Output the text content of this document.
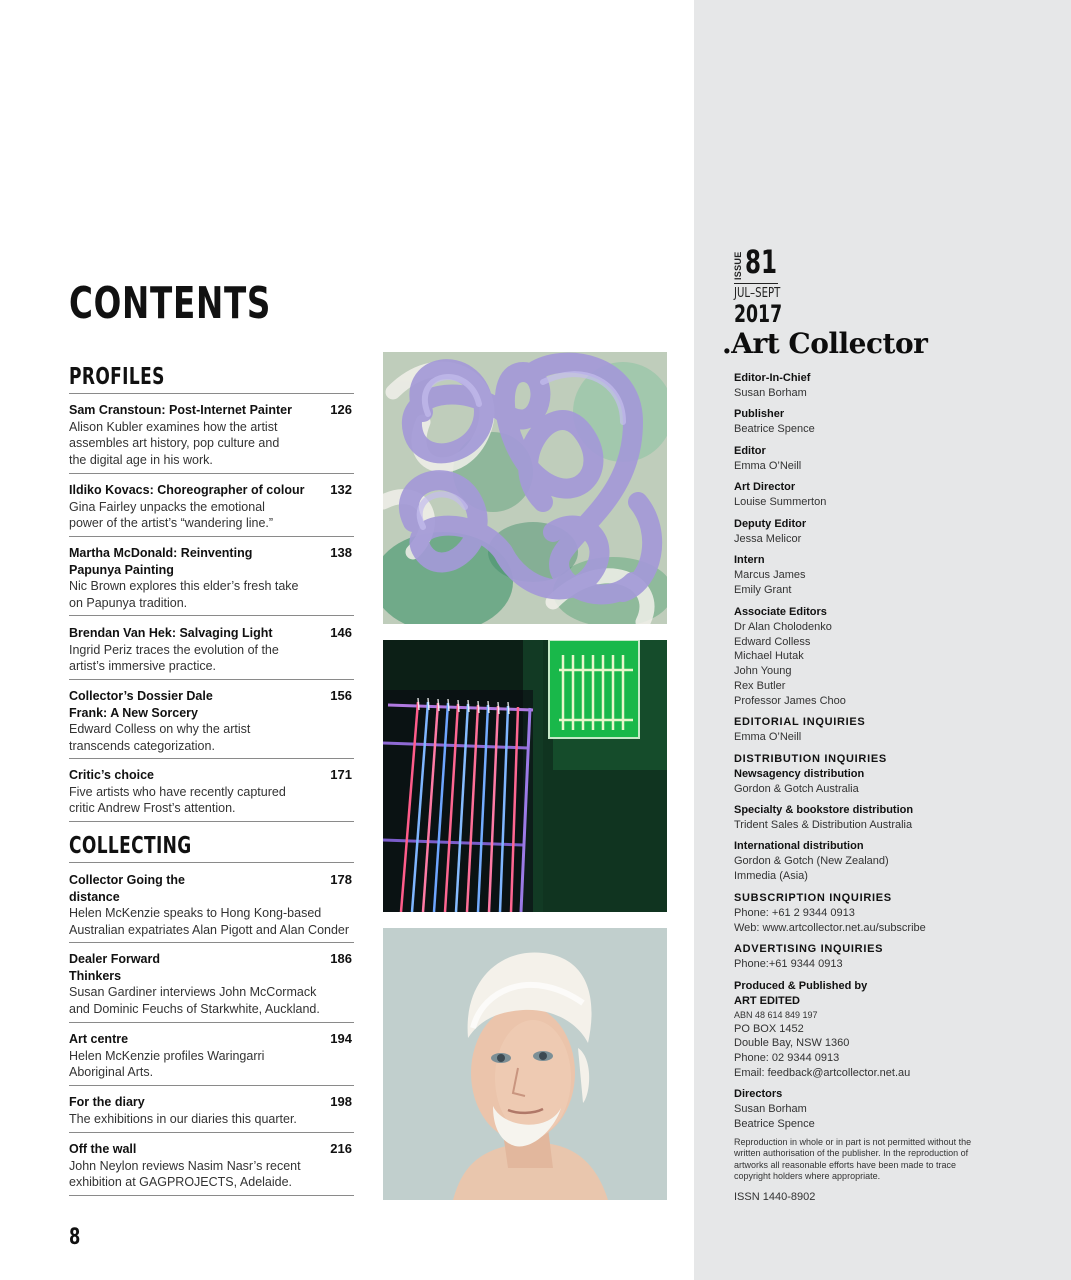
CONTENTS
PROFILES
Sam Cranstoun: Post-Internet Painter
Alison Kubler examines how the artist assembles art history, pop culture and the digital age in his work.
126
Ildiko Kovacs: Choreographer of colour
Gina Fairley unpacks the emotional power of the artist’s “wandering line.”
132
Martha McDonald: Reinventing Papunya Painting
Nic Brown explores this elder’s fresh take on Papunya tradition.
138
Brendan Van Hek: Salvaging Light
Ingrid Periz traces the evolution of the artist’s immersive practice.
146
Collector’s Dossier Dale Frank: A New Sorcery
Edward Colless on why the artist transcends categorization.
156
Critic’s choice
Five artists who have recently captured critic Andrew Frost’s attention.
171
COLLECTING
Collector Going the distance
Helen McKenzie speaks to Hong Kong-based Australian expatriates Alan Pigott and Alan Conder
178
Dealer Forward Thinkers
Susan Gardiner interviews John McCormack and Dominic Feuchs of Starkwhite, Auckland.
186
Art centre
Helen McKenzie profiles Waringarri Aboriginal Arts.
194
For the diary
The exhibitions in our diaries this quarter.
198
Off the wall
John Neylon reviews Nasim Nasr’s recent exhibition at GAGPROJECTS, Adelaide.
216
8
ISSUE 81
JUL–SEPT
2017
.Art Collector
Editor-In-Chief
Susan Borham
Publisher
Beatrice Spence
Editor
Emma O’Neill
Art Director
Louise Summerton
Deputy Editor
Jessa Melicor
Intern
Marcus James
Emily Grant
Associate Editors
Dr Alan Cholodenko
Edward Colless
Michael Hutak
John Young
Rex Butler
Professor James Choo
EDITORIAL INQUIRIES
Emma O’Neill
DISTRIBUTION INQUIRIES
Newsagency distribution
Gordon & Gotch Australia
Specialty & bookstore distribution
Trident Sales & Distribution Australia
International distribution
Gordon & Gotch (New Zealand)
Immedia (Asia)
SUBSCRIPTION INQUIRIES
Phone: +61 2 9344 0913
Web: www.artcollector.net.au/subscribe
ADVERTISING INQUIRIES
Phone:+61 9344 0913
Produced & Published by
ART EDITED
ABN 48 614 849 197
PO BOX 1452
Double Bay, NSW 1360
Phone: 02 9344 0913
Email: feedback@artcollector.net.au
Directors
Susan Borham
Beatrice Spence
Reproduction in whole or in part is not permitted without the written authorisation of the publisher. In the reproduction of artworks all reasonable efforts have been made to trace copyright holders where appropriate.
ISSN 1440-8902
